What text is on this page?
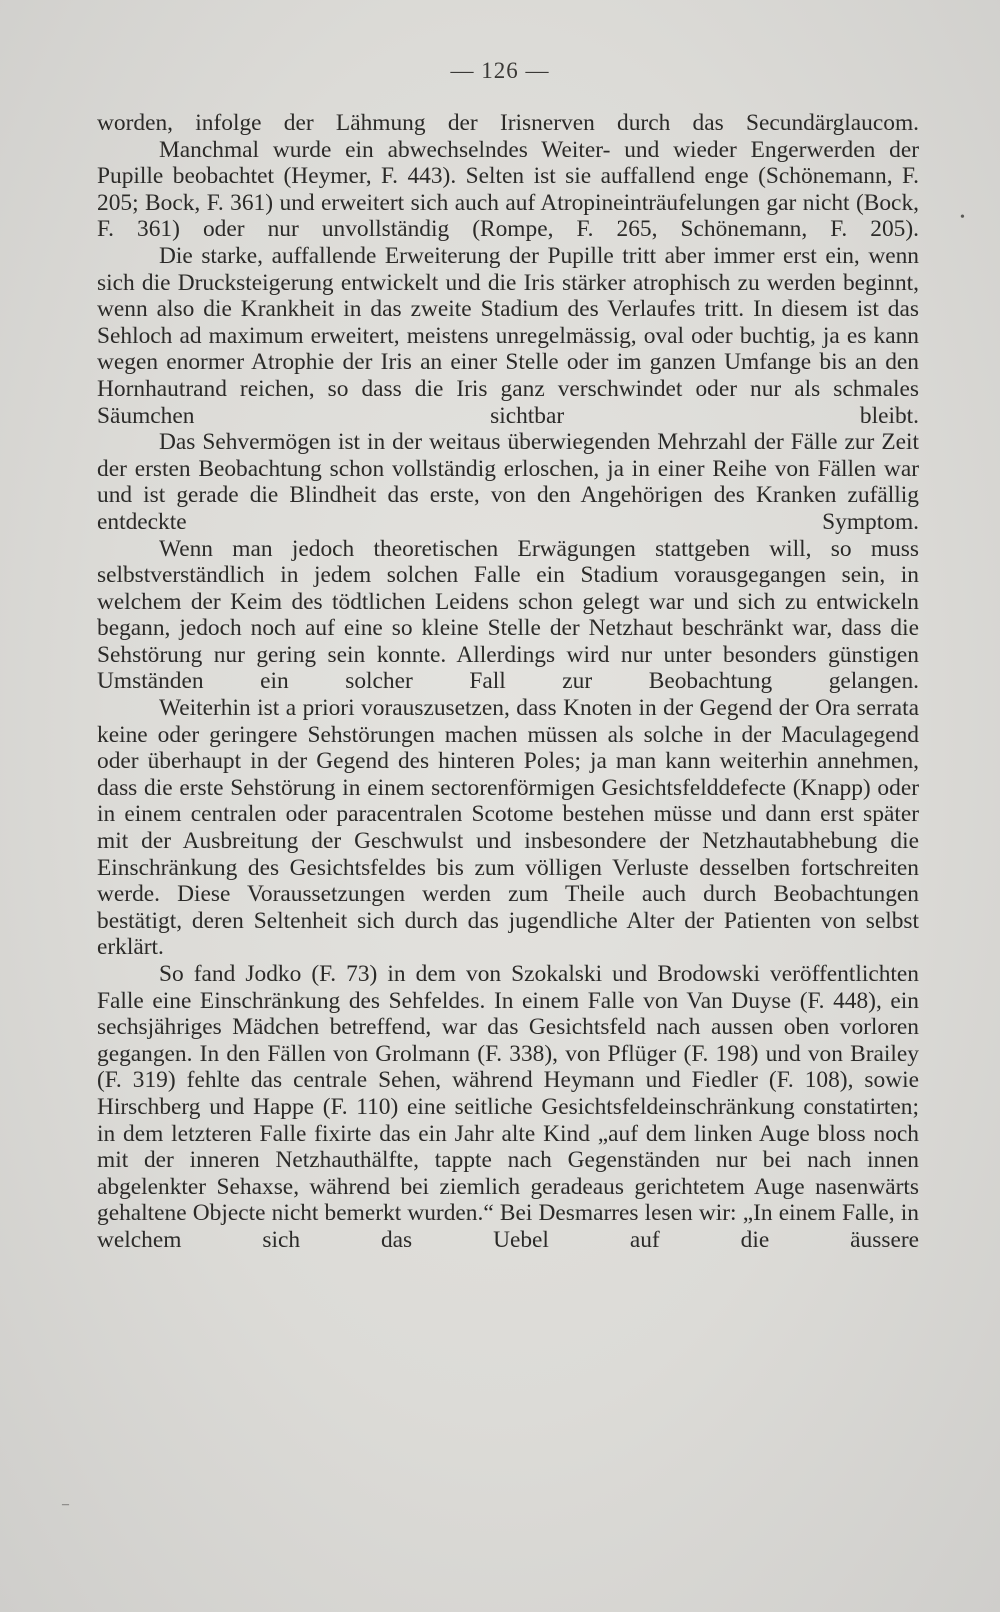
— 126 —

worden, infolge der Lähmung der Irisnerven durch das Secundärglaucom.

Manchmal wurde ein abwechselndes Weiter- und wieder Engerwerden der Pupille beobachtet (Heymer, F. 443). Selten ist sie auffallend enge (Schönemann, F. 205; Bock, F. 361) und erweitert sich auch auf Atropineinträufelungen gar nicht (Bock, F. 361) oder nur unvollständig (Rompe, F. 265, Schönemann, F. 205).

Die starke, auffallende Erweiterung der Pupille tritt aber immer erst ein, wenn sich die Drucksteigerung entwickelt und die Iris stärker atrophisch zu werden beginnt, wenn also die Krankheit in das zweite Stadium des Verlaufes tritt. In diesem ist das Sehloch ad maximum erweitert, meistens unregelmässig, oval oder buchtig, ja es kann wegen enormer Atrophie der Iris an einer Stelle oder im ganzen Umfange bis an den Hornhautrand reichen, so dass die Iris ganz verschwindet oder nur als schmales Säumchen sichtbar bleibt.

Das Sehvermögen ist in der weitaus überwiegenden Mehrzahl der Fälle zur Zeit der ersten Beobachtung schon vollständig erloschen, ja in einer Reihe von Fällen war und ist gerade die Blindheit das erste, von den Angehörigen des Kranken zufällig entdeckte Symptom.

Wenn man jedoch theoretischen Erwägungen stattgeben will, so muss selbstverständlich in jedem solchen Falle ein Stadium vorausgegangen sein, in welchem der Keim des tödtlichen Leidens schon gelegt war und sich zu entwickeln begann, jedoch noch auf eine so kleine Stelle der Netzhaut beschränkt war, dass die Sehstörung nur gering sein konnte. Allerdings wird nur unter besonders günstigen Umständen ein solcher Fall zur Beobachtung gelangen.

Weiterhin ist a priori vorauszusetzen, dass Knoten in der Gegend der Ora serrata keine oder geringere Sehstörungen machen müssen als solche in der Maculagegend oder überhaupt in der Gegend des hinteren Poles; ja man kann weiterhin annehmen, dass die erste Sehstörung in einem sectorenförmigen Gesichtsfelddefecte (Knapp) oder in einem centralen oder paracentralen Scotome bestehen müsse und dann erst später mit der Ausbreitung der Geschwulst und insbesondere der Netzhautabhebung die Einschränkung des Gesichtsfeldes bis zum völligen Verluste desselben fortschreiten werde. Diese Voraussetzungen werden zum Theile auch durch Beobachtungen bestätigt, deren Seltenheit sich durch das jugendliche Alter der Patienten von selbst erklärt.

So fand Jodko (F. 73) in dem von Szokalski und Brodowski veröffentlichten Falle eine Einschränkung des Sehfeldes. In einem Falle von Van Duyse (F. 448), ein sechsjähriges Mädchen betreffend, war das Gesichtsfeld nach aussen oben vorloren gegangen. In den Fällen von Grolmann (F. 338), von Pflüger (F. 198) und von Brailey (F. 319) fehlte das centrale Sehen, während Heymann und Fiedler (F. 108), sowie Hirschberg und Happe (F. 110) eine seitliche Gesichtsfeldeinschränkung constatirten; in dem letzteren Falle fixirte das ein Jahr alte Kind „auf dem linken Auge bloss noch mit der inneren Netzhauthälfte, tappte nach Gegenständen nur bei nach innen abgelenkter Sehaxse, während bei ziemlich geradeaus gerichtetem Auge nasenwärts gehaltene Objecte nicht bemerkt wurden.“ Bei Desmarres lesen wir: „In einem Falle, in welchem sich das Uebel auf die äussere

•
–
